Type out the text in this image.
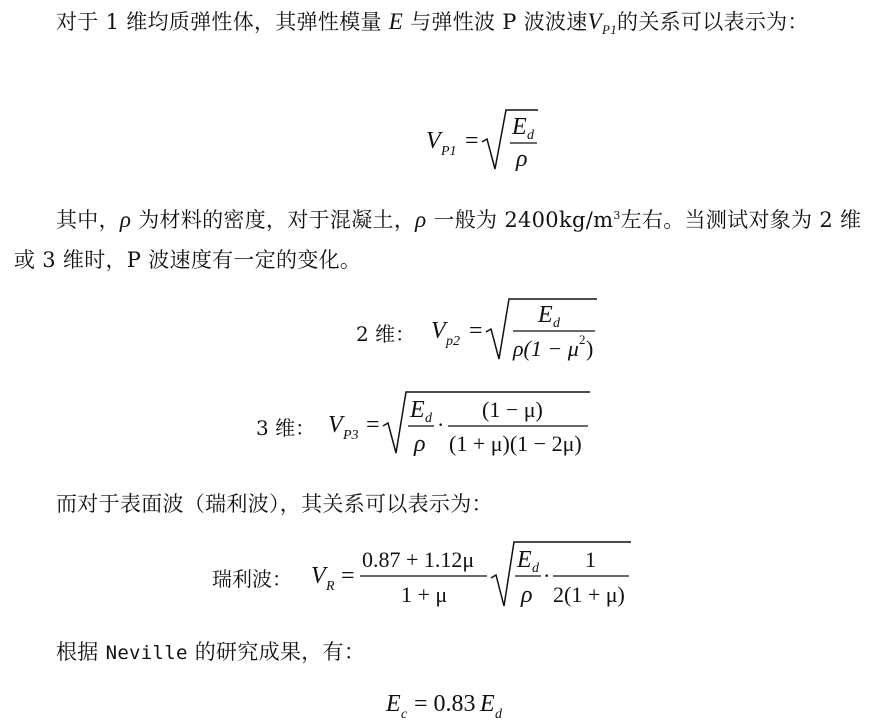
对于 1 维均质弹性体，其弹性模量 E 与弹性波 P 波波速$V_{P1}$的关系可以表示为：
V P1 =
E d
ρ
其中，ρ 为材料的密度，对于混凝土，ρ 一般为 $2400kg/m^3$左右。当测试对象为 2 维或 3 维时，P 波速度有一定的变化。
2 维： V p2 =
E d
ρ(1 − μ 2 )
3 维： V P3 =
E d
ρ
·
(1 − μ)
(1 + μ)(1 − 2μ)
而对于表面波（瑞利波），其关系可以表示为：
瑞利波： V R =
0.87 + 1.12μ
1 + μ
E d
ρ
·
1
2(1 + μ)
根据 Neville 的研究成果，有：
E c = 0.83 E d
